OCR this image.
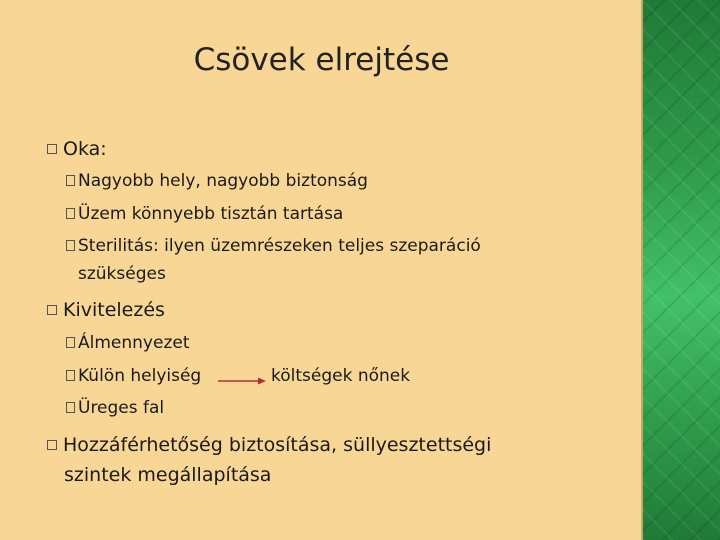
Csövek elrejtése
Oka:
Nagyobb hely, nagyobb biztonság
Üzem könnyebb tisztán tartása
Sterilitás: ilyen üzemrészeken teljes szeparáció
szükséges
Kivitelezés
Álmennyezet
Külön helyiség	költségek nőnek
Üreges fal
Hozzáférhetőség biztosítása, süllyesztettségi
szintek megállapítása
